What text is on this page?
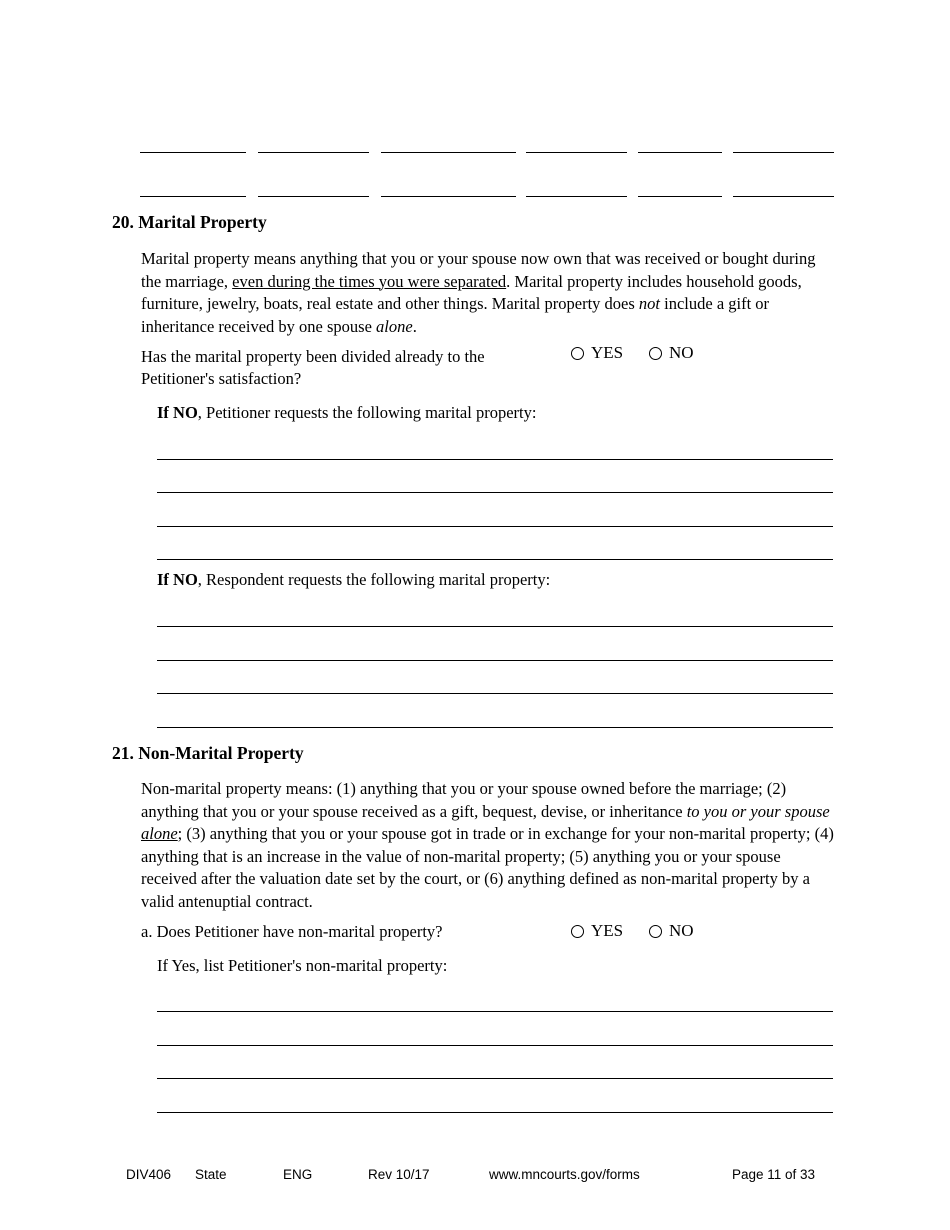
20. Marital Property
Marital property means anything that you or your spouse now own that was received or bought during the marriage, even during the times you were separated. Marital property includes household goods, furniture, jewelry, boats, real estate and other things. Marital property does not include a gift or inheritance received by one spouse alone.
Has the marital property been divided already to the
Petitioner's satisfaction?
YES	NO
If NO, Petitioner requests the following marital property:
If NO, Respondent requests the following marital property:
21. Non-Marital Property
Non-marital property means: (1) anything that you or your spouse owned before the marriage; (2) anything that you or your spouse received as a gift, bequest, devise, or inheritance to you or your spouse alone; (3) anything that you or your spouse got in trade or in exchange for your non-marital property; (4) anything that is an increase in the value of non-marital property; (5) anything you or your spouse received after the valuation date set by the court, or (6) anything defined as non-marital property by a valid antenuptial contract.
a. Does Petitioner have non-marital property?	YES	NO
If Yes, list Petitioner's non-marital property:
DIV406 State	ENG	Rev 10/17	www.mncourts.gov/forms	Page 11 of 33
